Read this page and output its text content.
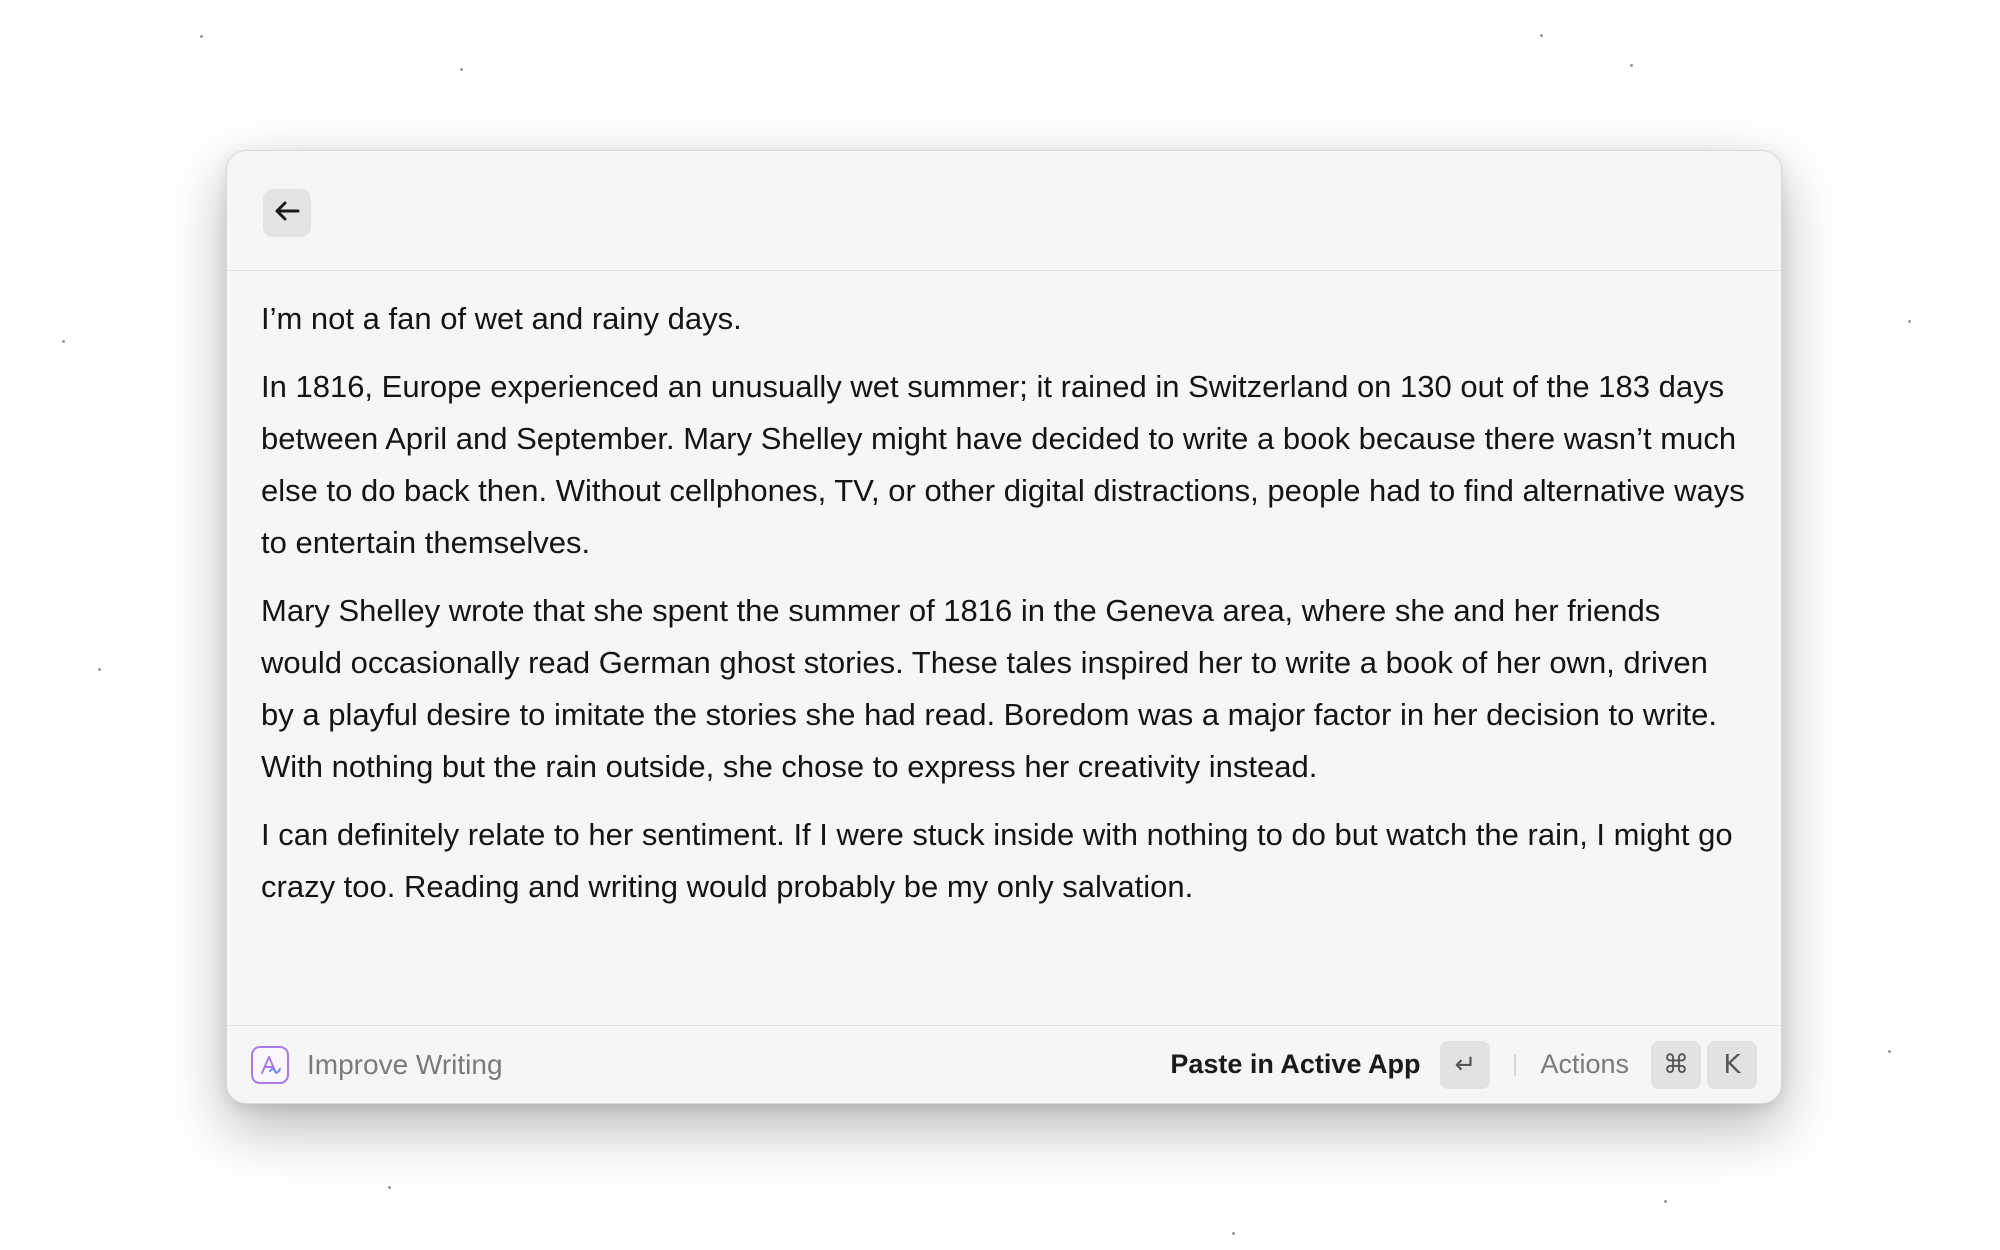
I’m not a fan of wet and rainy days.

In 1816, Europe experienced an unusually wet summer; it rained in Switzerland on 130 out of the 183 days between April and September. Mary Shelley might have decided to write a book because there wasn’t much else to do back then. Without cellphones, TV, or other digital distractions, people had to find alternative ways to entertain themselves.

Mary Shelley wrote that she spent the summer of 1816 in the Geneva area, where she and her friends would occasionally read German ghost stories. These tales inspired her to write a book of her own, driven by a playful desire to imitate the stories she had read. Boredom was a major factor in her decision to write. With nothing but the rain outside, she chose to express her creativity instead.

I can definitely relate to her sentiment. If I were stuck inside with nothing to do but watch the rain, I might go crazy too. Reading and writing would probably be my only salvation.

Improve Writing	Paste in Active App	↵	Actions	⌘	K
